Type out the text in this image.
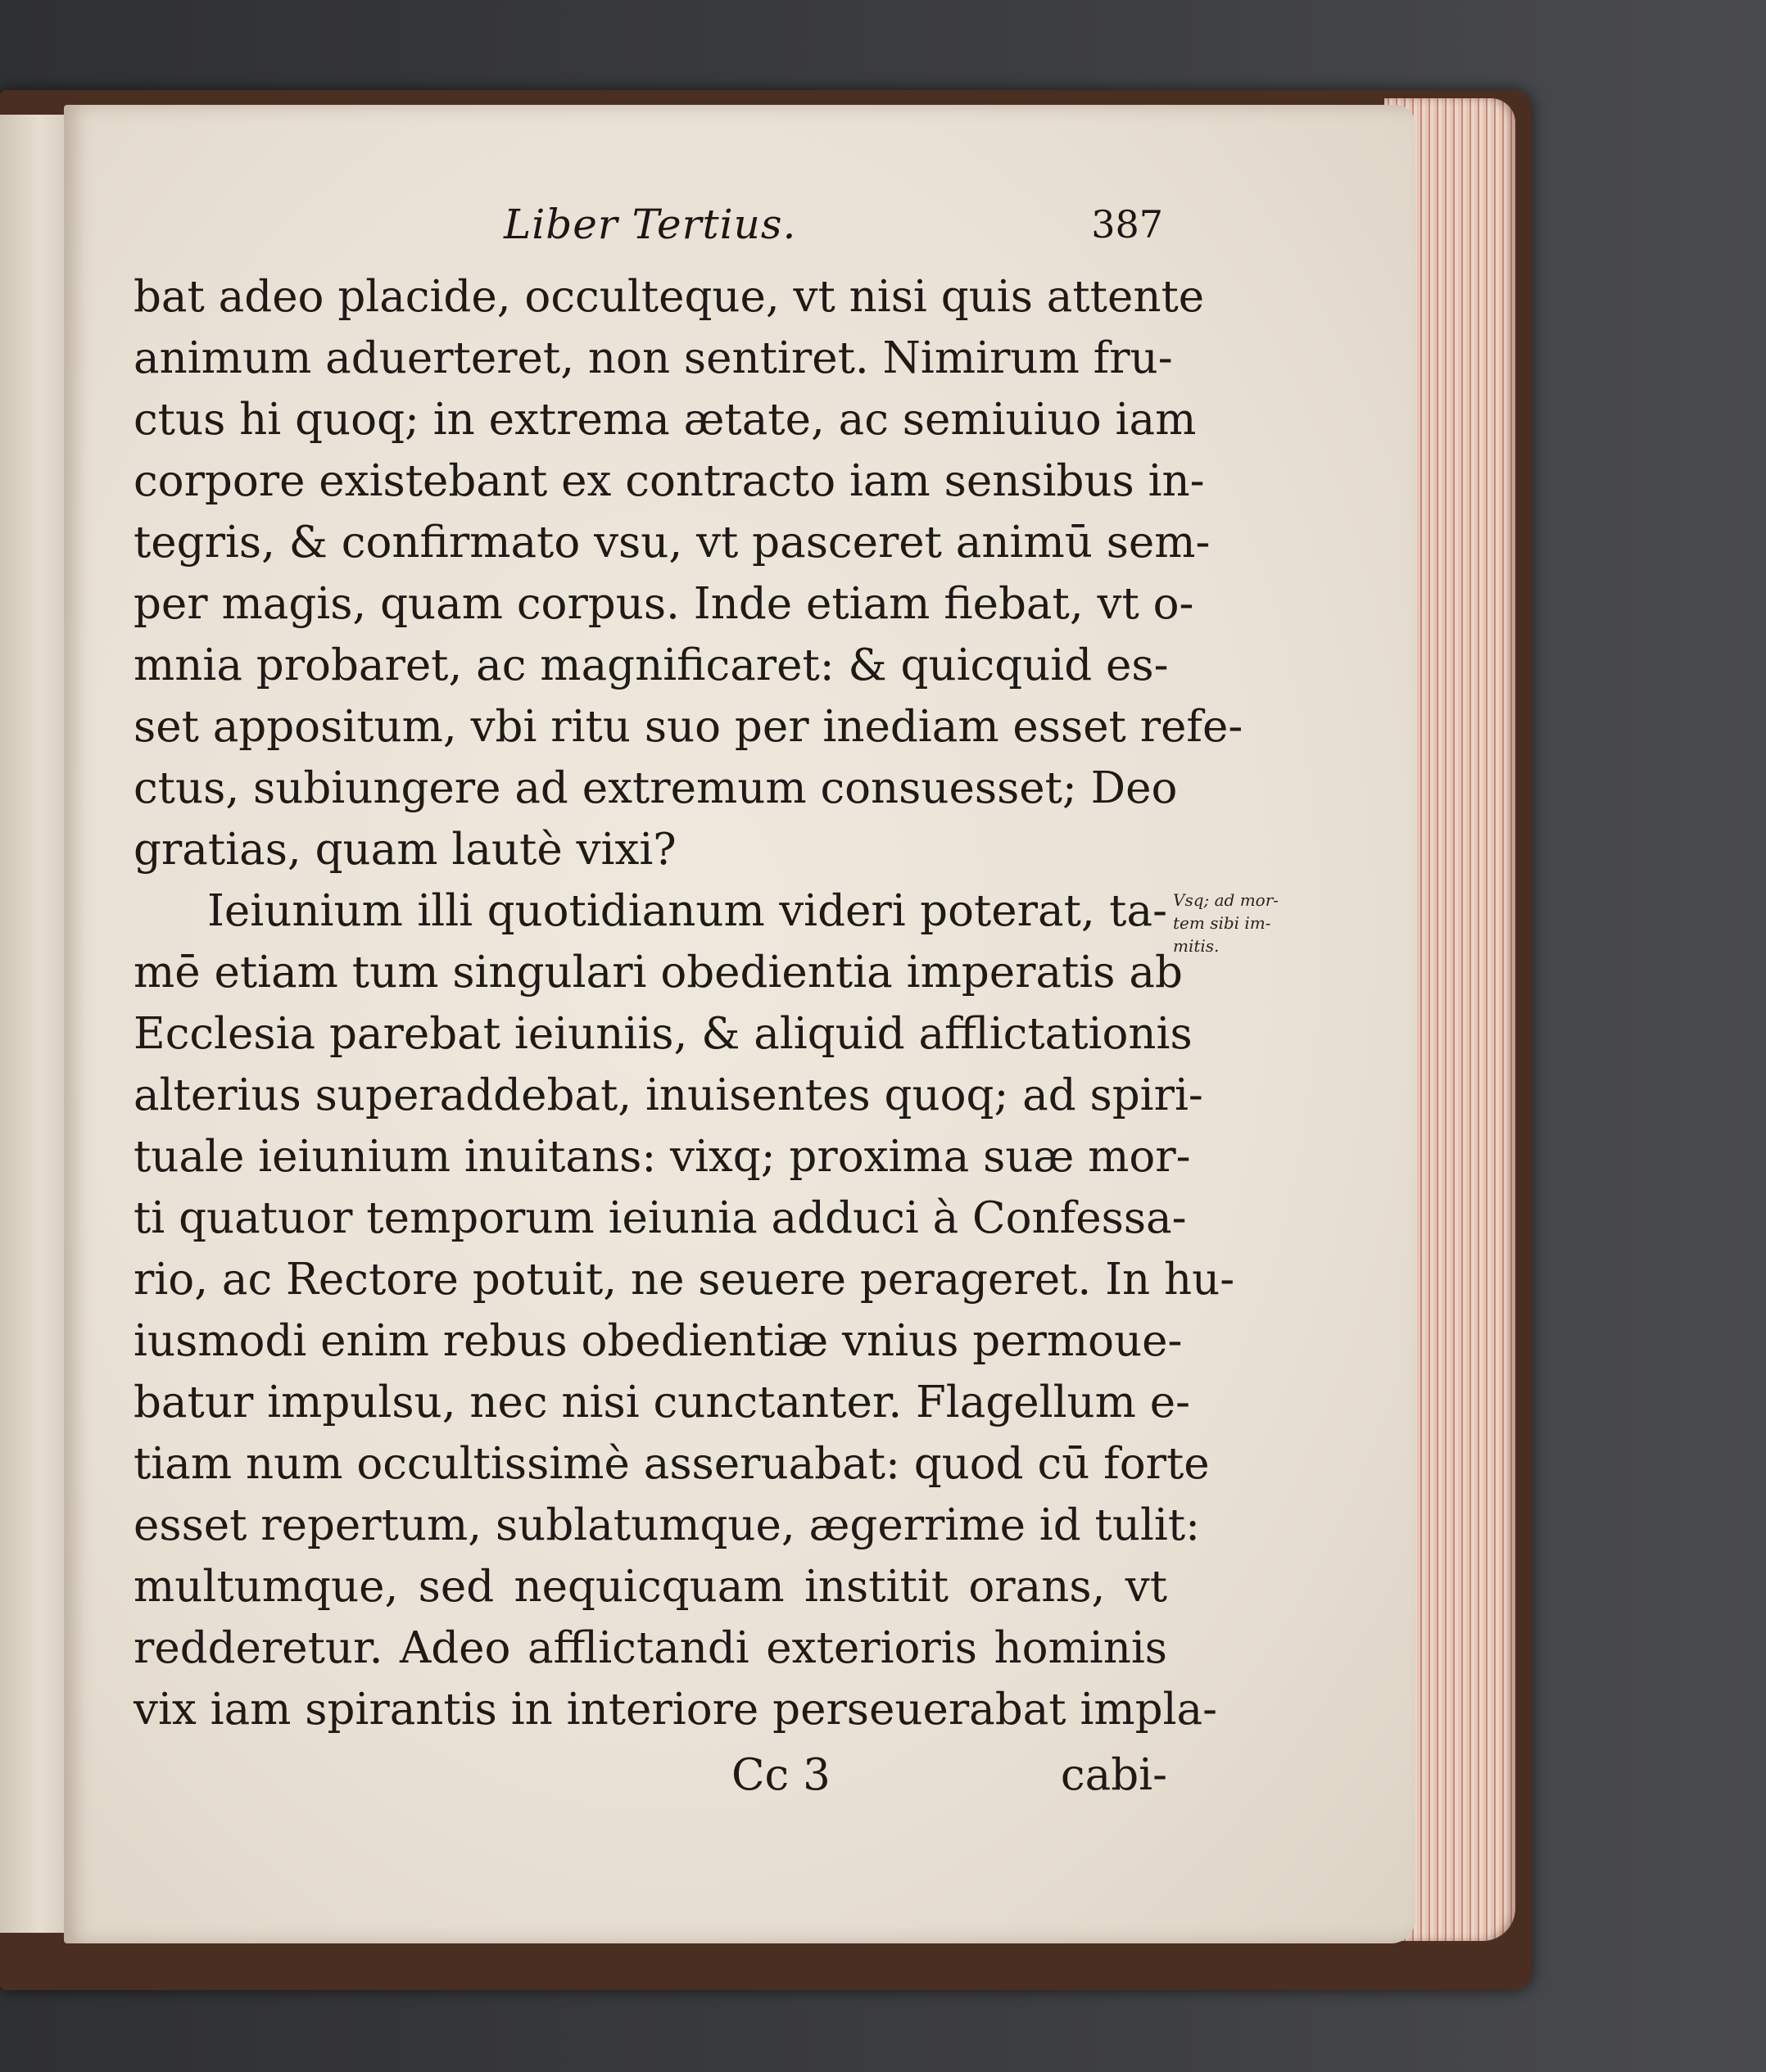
Liber Tertius.	387
bat adeo placide, occulteque, vt nisi quis attente
animum aduerteret, non sentiret. Nimirum fru-
ctus hi quoq; in extrema ætate, ac semiuiuo iam
corpore existebant ex contracto iam sensibus in-
tegris, & confirmato vsu, vt pasceret animū sem-
per magis, quam corpus. Inde etiam fiebat, vt o-
mnia probaret, ac magnificaret: & quicquid es-
set appositum, vbi ritu suo per inediam esset refe-
ctus, subiungere ad extremum consuesset; Deo
gratias, quam lautè vixi?
Ieiunium illi quotidianum videri poterat, ta-
mē etiam tum singulari obedientia imperatis ab
Ecclesia parebat ieiuniis, & aliquid afflictationis
alterius superaddebat, inuisentes quoq; ad spiri-
tuale ieiunium inuitans: vixq; proxima suæ mor-
ti quatuor temporum ieiunia adduci à Confessa-
rio, ac Rectore potuit, ne seuere perageret. In hu-
iusmodi enim rebus obedientiæ vnius permoue-
batur impulsu, nec nisi cunctanter. Flagellum e-
tiam num occultissimè asseruabat: quod cū forte
esset repertum, sublatumque, ægerrime id tulit:
multumque, sed nequicquam institit orans, vt
redderetur. Adeo afflictandi exterioris hominis
vix iam spirantis in interiore perseuerabat impla-
Vsq; ad mor-
tem sibi im-
mitis.
Cc 3	cabi-
